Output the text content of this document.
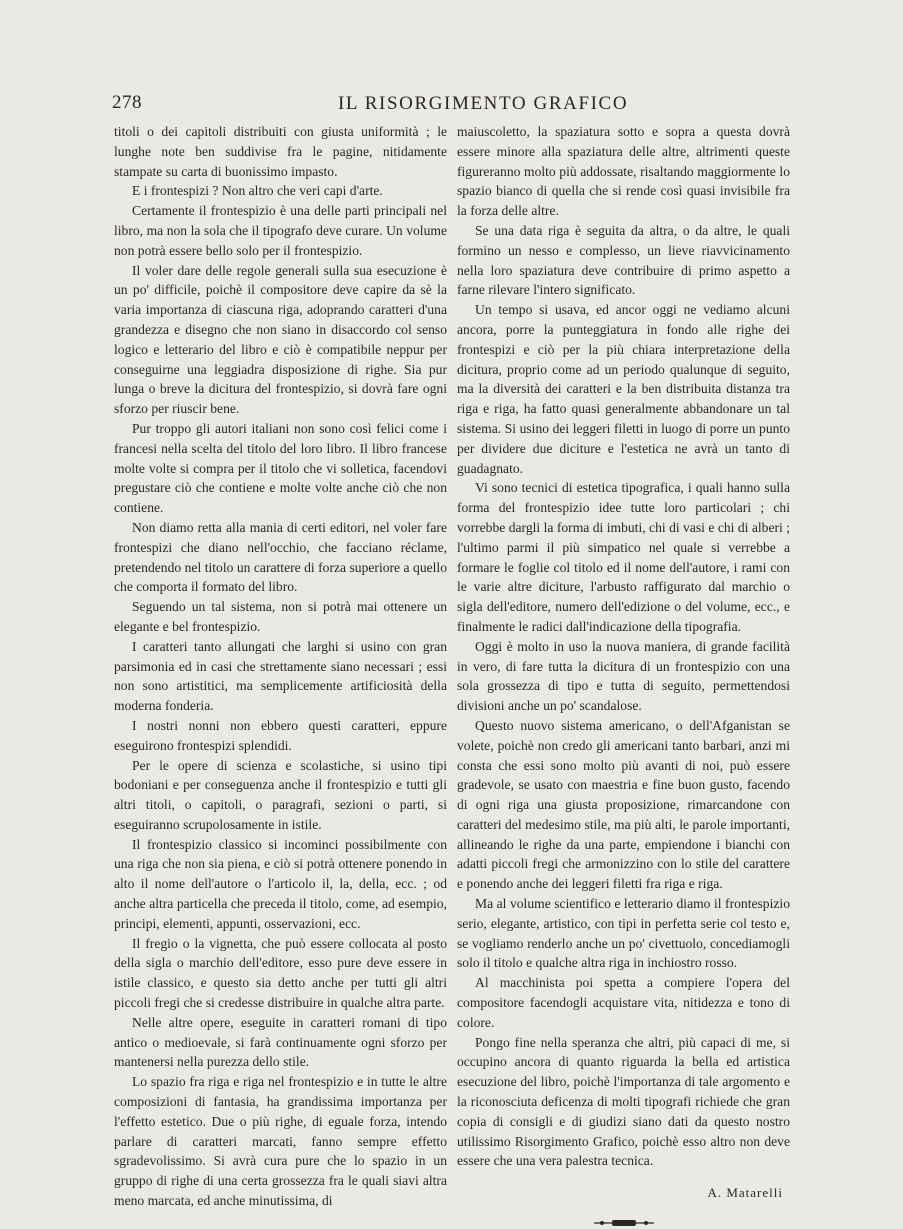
278	IL RISORGIMENTO GRAFICO

titoli o dei capitoli distribuiti con giusta uniformità ; le lunghe note ben suddivise fra le pagine, nitidamente stampate su carta di buonissimo impasto.

E i frontespizi ? Non altro che veri capi d'arte.

Certamente il frontespizio è una delle parti principali nel libro, ma non la sola che il tipografo deve curare. Un volume non potrà essere bello solo per il frontespizio.

Il voler dare delle regole generali sulla sua esecuzione è un po' difficile, poichè il compositore deve capire da sè la varia importanza di ciascuna riga, adoprando caratteri d'una grandezza e disegno che non siano in disaccordo col senso logico e letterario del libro e ciò è compatibile neppur per conseguirne una leggiadra disposizione di righe. Sia pur lunga o breve la dicitura del frontespizio, si dovrà fare ogni sforzo per riuscir bene.

Pur troppo gli autori italiani non sono così felici come i francesi nella scelta del titolo del loro libro. Il libro francese molte volte si compra per il titolo che vi solletica, facendovi pregustare ciò che contiene e molte volte anche ciò che non contiene.

Non diamo retta alla mania di certi editori, nel voler fare frontespizi che diano nell'occhio, che facciano réclame, pretendendo nel titolo un carattere di forza superiore a quello che comporta il formato del libro.

Seguendo un tal sistema, non si potrà mai ottenere un elegante e bel frontespizio.

I caratteri tanto allungati che larghi si usino con gran parsimonia ed in casi che strettamente siano necessari ; essi non sono artistitici, ma semplicemente artificiosità della moderna fonderia.

I nostri nonni non ebbero questi caratteri, eppure eseguirono frontespizi splendidi.

Per le opere di scienza e scolastiche, si usino tipi bodoniani e per conseguenza anche il frontespizio e tutti gli altri titoli, o capitoli, o paragrafi, sezioni o parti, si eseguiranno scrupolosamente in istile.

Il frontespizio classico si incominci possibilmente con una riga che non sia piena, e ciò si potrà ottenere ponendo in alto il nome dell'autore o l'articolo il, la, della, ecc. ; od anche altra particella che preceda il titolo, come, ad esempio, principi, elementi, appunti, osservazioni, ecc.

Il fregio o la vignetta, che può essere collocata al posto della sigla o marchio dell'editore, esso pure deve essere in istile classico, e questo sia detto anche per tutti gli altri piccoli fregi che si credesse distribuire in qualche altra parte.

Nelle altre opere, eseguite in caratteri romani di tipo antico o medioevale, si farà continuamente ogni sforzo per mantenersi nella purezza dello stile.

Lo spazio fra riga e riga nel frontespizio e in tutte le altre composizioni di fantasia, ha grandissima importanza per l'effetto estetico. Due o più righe, di eguale forza, intendo parlare di caratteri marcati, fanno sempre effetto sgradevolissimo. Si avrà cura pure che lo spazio in un gruppo di righe di una certa grossezza fra le quali siavi altra meno marcata, ed anche minutissima, di

maiuscoletto, la spaziatura sotto e sopra a questa dovrà essere minore alla spaziatura delle altre, altrimenti queste figureranno molto più addossate, risaltando maggiormente lo spazio bianco di quella che si rende così quasi invisibile fra la forza delle altre.

Se una data riga è seguita da altra, o da altre, le quali formino un nesso e complesso, un lieve riavvicinamento nella loro spaziatura deve contribuire di primo aspetto a farne rilevare l'intero significato.

Un tempo si usava, ed ancor oggi ne vediamo alcuni ancora, porre la punteggiatura in fondo alle righe dei frontespizi e ciò per la più chiara interpretazione della dicitura, proprio come ad un periodo qualunque di seguito, ma la diversità dei caratteri e la ben distribuita distanza tra riga e riga, ha fatto quasi generalmente abbandonare un tal sistema. Si usino dei leggeri filetti in luogo di porre un punto per dividere due diciture e l'estetica ne avrà un tanto di guadagnato.

Vi sono tecnici di estetica tipografica, i quali hanno sulla forma del frontespizio idee tutte loro particolari ; chi vorrebbe dargli la forma di imbuti, chi di vasi e chi di alberi ; l'ultimo parmi il più simpatico nel quale si verrebbe a formare le foglie col titolo ed il nome dell'autore, i rami con le varie altre diciture, l'arbusto raffigurato dal marchio o sigla dell'editore, numero dell'edizione o del volume, ecc., e finalmente le radici dall'indicazione della tipografia.

Oggi è molto in uso la nuova maniera, di grande facilità in vero, di fare tutta la dicitura di un frontespizio con una sola grossezza di tipo e tutta di seguito, permettendosi divisioni anche un po' scandalose.

Questo nuovo sistema americano, o dell'Afganistan se volete, poichè non credo gli americani tanto barbari, anzi mi consta che essi sono molto più avanti di noi, può essere gradevole, se usato con maestria e fine buon gusto, facendo di ogni riga una giusta proposizione, rimarcandone con caratteri del medesimo stile, ma più alti, le parole importanti, allineando le righe da una parte, empiendone i bianchi con adatti piccoli fregi che armonizzino con lo stile del carattere e ponendo anche dei leggeri filetti fra riga e riga.

Ma al volume scientifico e letterario diamo il frontespizio serio, elegante, artistico, con tipi in perfetta serie col testo e, se vogliamo renderlo anche un po' civettuolo, concediamogli solo il titolo e qualche altra riga in inchiostro rosso.

Al macchinista poi spetta a compiere l'opera del compositore facendogli acquistare vita, nitidezza e tono di colore.

Pongo fine nella speranza che altri, più capaci di me, si occupino ancora di quanto riguarda la bella ed artistica esecuzione del libro, poichè l'importanza di tale argomento e la riconosciuta deficenza di molti tipografi richiede che gran copia di consigli e di giudizi siano dati da questo nostro utilissimo Risorgimento Grafico, poichè esso altro non deve essere che una vera palestra tecnica.

A. Matarelli
